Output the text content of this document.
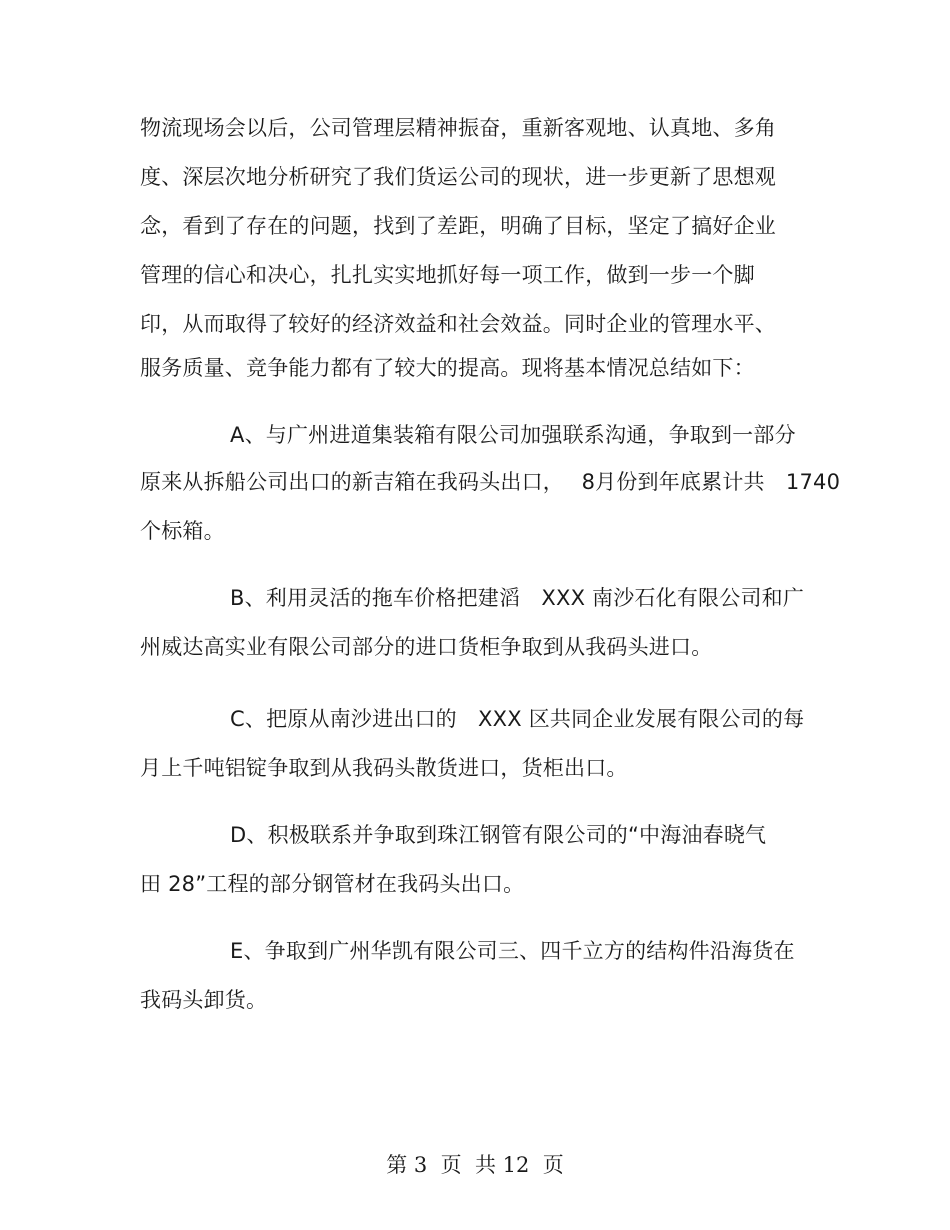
物流现场会以后，公司管理层精神振奋，重新客观地、认真地、多角
度、深层次地分析研究了我们货运公司的现状，进一步更新了思想观
念，看到了存在的问题，找到了差距，明确了目标，坚定了搞好企业
管理的信心和决心，扎扎实实地抓好每一项工作，做到一步一个脚
印，从而取得了较好的经济效益和社会效益。同时企业的管理水平、
服务质量、竞争能力都有了较大的提高。现将基本情况总结如下：
A、与广州进道集装箱有限公司加强联系沟通，争取到一部分
原来从拆船公司出口的新吉箱在我码头出口，　 8月份到年底累计共　1740
个标箱。
B、利用灵活的拖车价格把建滔　XXX 南沙石化有限公司和广
州威达高实业有限公司部分的进口货柜争取到从我码头进口。
C、把原从南沙进出口的　XXX 区共同企业发展有限公司的每
月上千吨铝锭争取到从我码头散货进口，货柜出口。
D、积极联系并争取到珠江钢管有限公司的“中海油春晓气
田 28”工程的部分钢管材在我码头出口。
E、争取到广州华凯有限公司三、四千立方的结构件沿海货在
我码头卸货。
第 3  页  共 12  页
